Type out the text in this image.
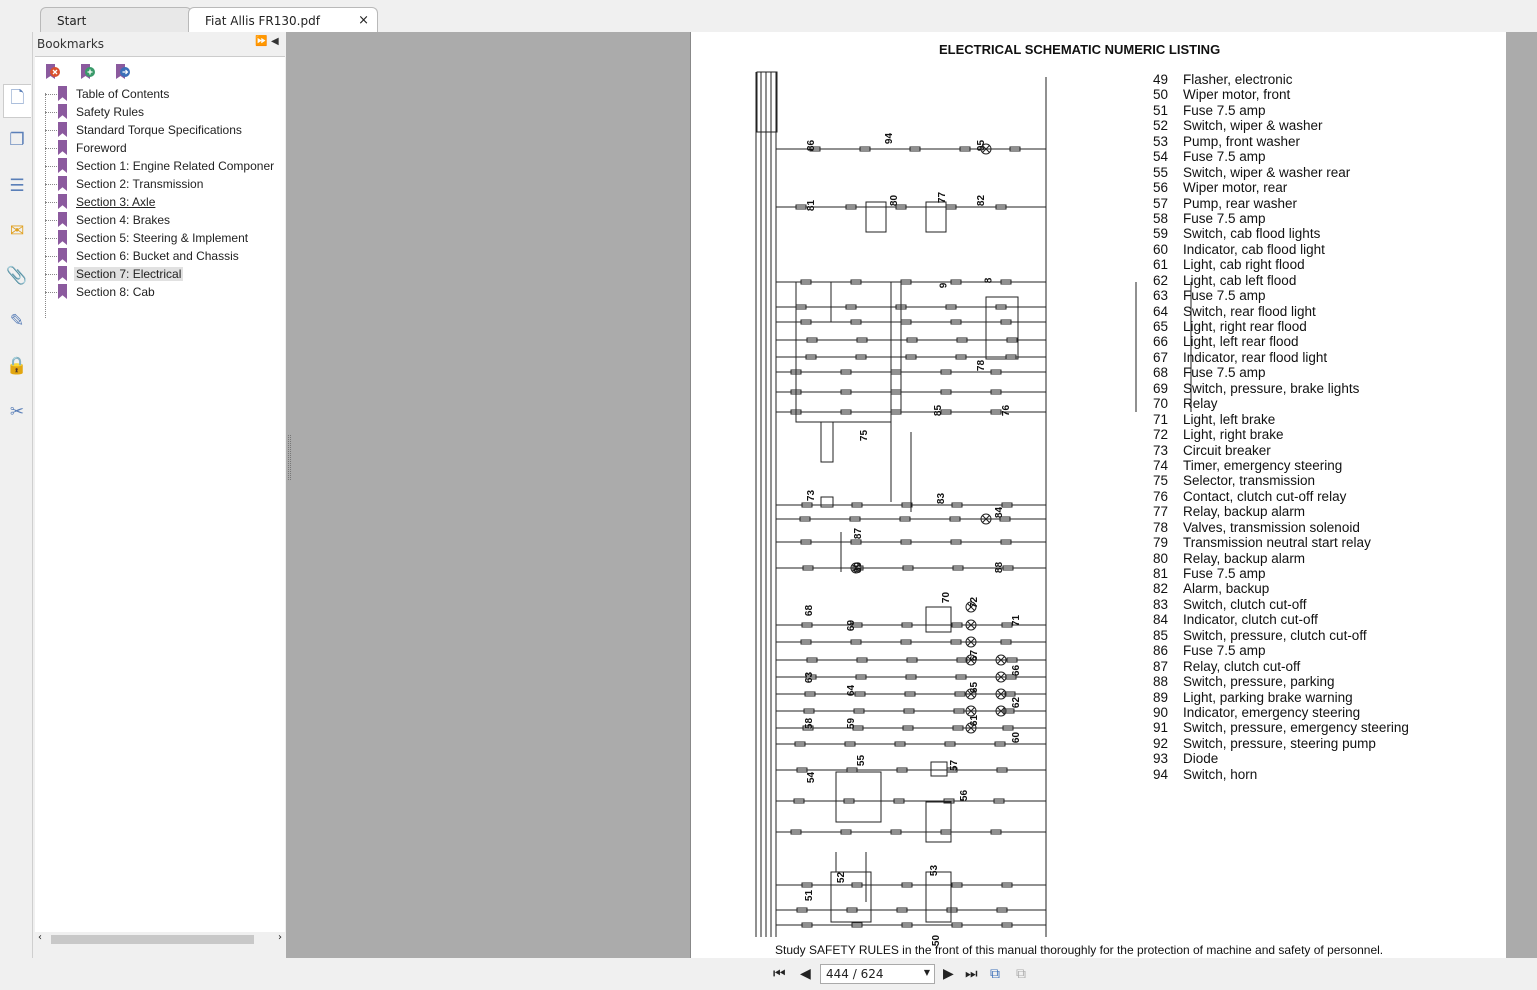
Start	Fiat Allis FR130.pdf	×
🗋
❐
☰
✉
📎
✎
🔒
✂
Bookmarks	⏩ ◀
Table of Contents
Safety Rules
Standard Torque Specifications
Foreword
Section 1: Engine Related Componer
Section 2: Transmission
Section 3: Axle
Section 4: Brakes
Section 5: Steering & Implement
Section 6: Bucket and Chassis
Section 7: Electrical
Section 8: Cab
‹	›
86
94
95
81	80	77	82
9
8
78
75
85	76
73	83
84
87
89	88
68
69
70 72
71
67
66
63
64	65
62
58	59	61
60
54
55	57
56
52
53
51
50
ELECTRICAL SCHEMATIC NUMERIC LISTING
49 Flasher, electronic
50 Wiper motor, front
51 Fuse 7.5 amp
52 Switch, wiper & washer
53 Pump, front washer
54 Fuse 7.5 amp
55 Switch, wiper & washer rear
56 Wiper motor, rear
57 Pump, rear washer
58 Fuse 7.5 amp
59 Switch, cab flood lights
60 Indicator, cab flood light
61 Light, cab right flood
62 Light, cab left flood
63 Fuse 7.5 amp
64 Switch, rear flood light
65 Light, right rear flood
66 Light, left rear flood
67 Indicator, rear flood light
68 Fuse 7.5 amp
69 Switch, pressure, brake lights
70 Relay
71 Light, left brake
72 Light, right brake
73 Circuit breaker
74 Timer, emergency steering
75 Selector, transmission
76 Contact, clutch cut-off relay
77 Relay, backup alarm
78 Valves, transmission solenoid
79 Transmission neutral start relay
80 Relay, backup alarm
81 Fuse 7.5 amp
82 Alarm, backup
83 Switch, clutch cut-off
84 Indicator, clutch cut-off
85 Switch, pressure, clutch cut-off
86 Fuse 7.5 amp
87 Relay, clutch cut-off
88 Switch, pressure, parking
89 Light, parking brake warning
90 Indicator, emergency steering
91 Switch, pressure, emergency steering
92 Switch, pressure, steering pump
93 Diode
94 Switch, horn
Study SAFETY RULES in the front of this manual thoroughly for the protection of machine and safety of personnel.
⏮ ◀	444 / 624	▼ ▶ ⏭ ⧉ ⧉
